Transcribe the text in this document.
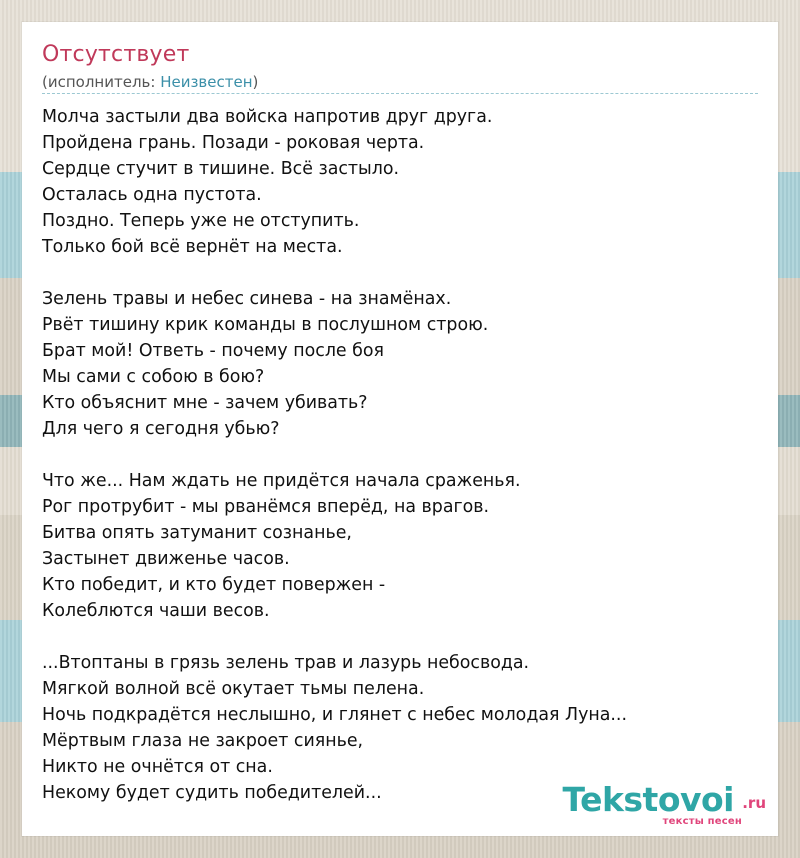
Отсутствует
(исполнитель: Неизвестен)
Молча застыли два войска напротив друг друга.
Пройдена грань. Позади - роковая черта.
Сердце стучит в тишине. Всё застыло.
Осталась одна пустота.
Поздно. Теперь уже не отступить.
Только бой всё вернёт на места.
Зелень травы и небес синева - на знамёнах.
Рвёт тишину крик команды в послушном строю.
Брат мой! Ответь - почему после боя
Мы сами с собою в бою?
Кто объяснит мне - зачем убивать?
Для чего я сегодня убью?
Что же... Нам ждать не придётся начала сраженья.
Рог протрубит - мы рванёмся вперёд, на врагов.
Битва опять затуманит сознанье,
Застынет движенье часов.
Кто победит, и кто будет повержен -
Колеблются чаши весов.
...Втоптаны в грязь зелень трав и лазурь небосвода.
Мягкой волной всё окутает тьмы пелена.
Ночь подкрадётся неслышно, и глянет с небес молодая Луна...
Мёртвым глаза не закроет сиянье,
Никто не очнётся от сна.
Некому будет судить победителей...	Tekstovoi .ru
тексты песен
